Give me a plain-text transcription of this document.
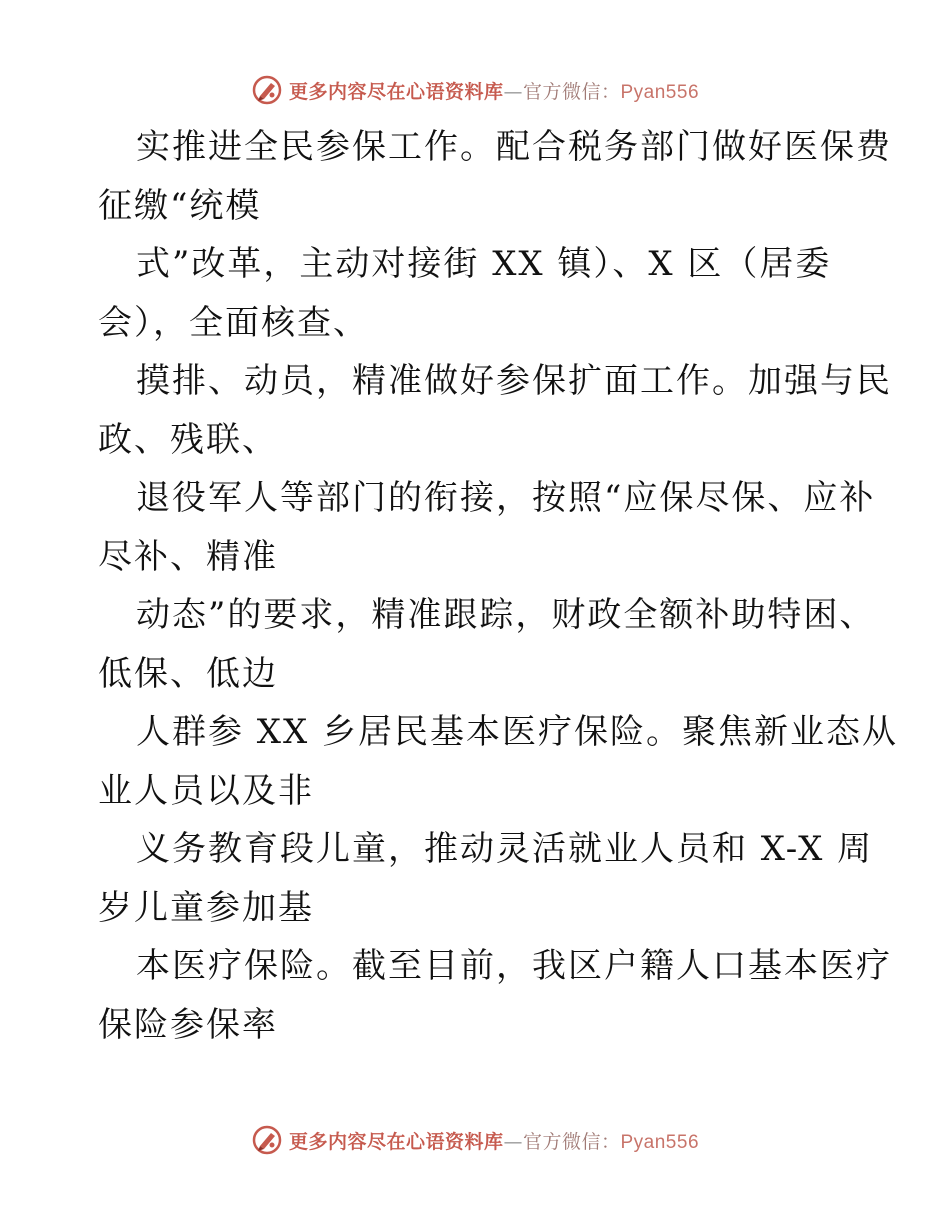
更多内容尽在心语资料库—官方微信：Pyan556
实推进全民参保工作。配合税务部门做好医保费
征缴“统模
式”改革，主动对接街 XX 镇）、X 区（居委
会），全面核查、
摸排、动员，精准做好参保扩面工作。加强与民
政、残联、
退役军人等部门的衔接，按照“应保尽保、应补
尽补、精准
动态”的要求，精准跟踪，财政全额补助特困、
低保、低边
人群参 XX 乡居民基本医疗保险。聚焦新业态从
业人员以及非
义务教育段儿童，推动灵活就业人员和 X-X 周
岁儿童参加基
本医疗保险。截至目前，我区户籍人口基本医疗
保险参保率
更多内容尽在心语资料库—官方微信：Pyan556
